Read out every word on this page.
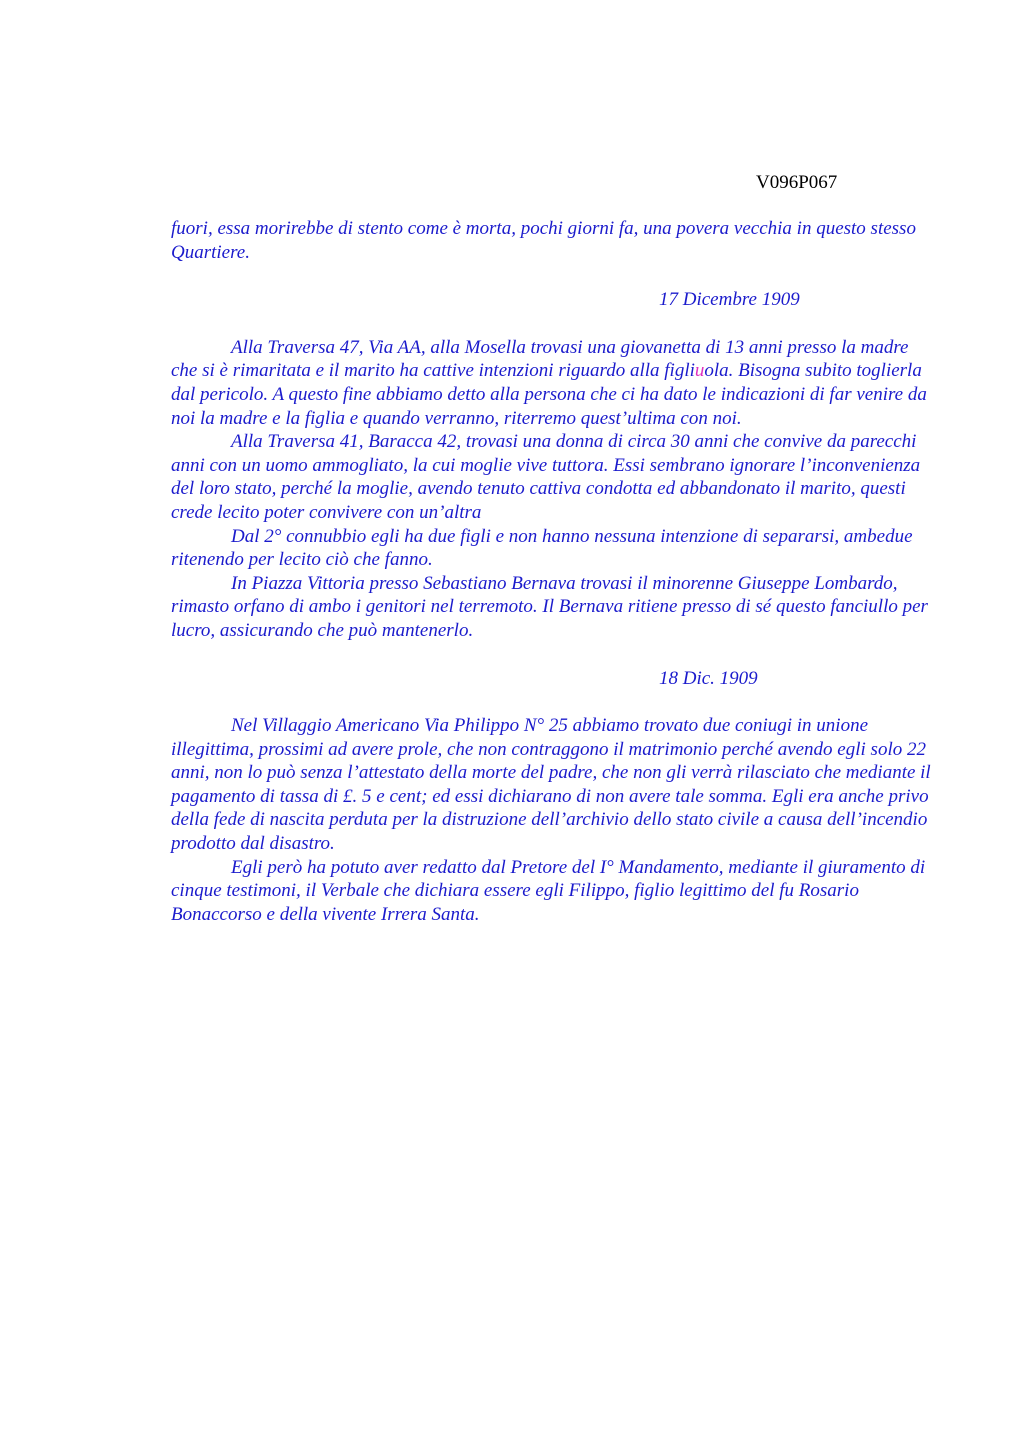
V096P067

fuori, essa morirebbe di stento come è morta, pochi giorni fa, una povera vecchia in questo stesso Quartiere.

17 Dicembre 1909

Alla Traversa 47, Via AA, alla Mosella trovasi una giovanetta di 13 anni presso la madre che si è rimaritata e il marito ha cattive intenzioni riguardo alla figliuola. Bisogna subito toglierla dal pericolo. A questo fine abbiamo detto alla persona che ci ha dato le indicazioni di far venire da noi la madre e la figlia e quando verranno, riterremo quest’ultima con noi.

Alla Traversa 41, Baracca 42, trovasi una donna di circa 30 anni che convive da parecchi anni con un uomo ammogliato, la cui moglie vive tuttora. Essi sembrano ignorare l’inconvenienza del loro stato, perché la moglie, avendo tenuto cattiva condotta ed abbandonato il marito, questi crede lecito poter convivere con un’altra

Dal 2° connubbio egli ha due figli e non hanno nessuna intenzione di separarsi, ambedue ritenendo per lecito ciò che fanno.

In Piazza Vittoria presso Sebastiano Bernava trovasi il minorenne Giuseppe Lombardo, rimasto orfano di ambo i genitori nel terremoto. Il Bernava ritiene presso di sé questo fanciullo per lucro, assicurando che può mantenerlo.

18 Dic. 1909

Nel Villaggio Americano Via Philippo N° 25 abbiamo trovato due coniugi in unione illegittima, prossimi ad avere prole, che non contraggono il matrimonio perché avendo egli solo 22 anni, non lo può senza l’attestato della morte del padre, che non gli verrà rilasciato che mediante il pagamento di tassa di £. 5 e cent; ed essi dichiarano di non avere tale somma. Egli era anche privo della fede di nascita perduta per la distruzione dell’archivio dello stato civile a causa dell’incendio prodotto dal disastro.

Egli però ha potuto aver redatto dal Pretore del I° Mandamento, mediante il giuramento di cinque testimoni, il Verbale che dichiara essere egli Filippo, figlio legittimo del fu Rosario Bonaccorso e della vivente Irrera Santa.
